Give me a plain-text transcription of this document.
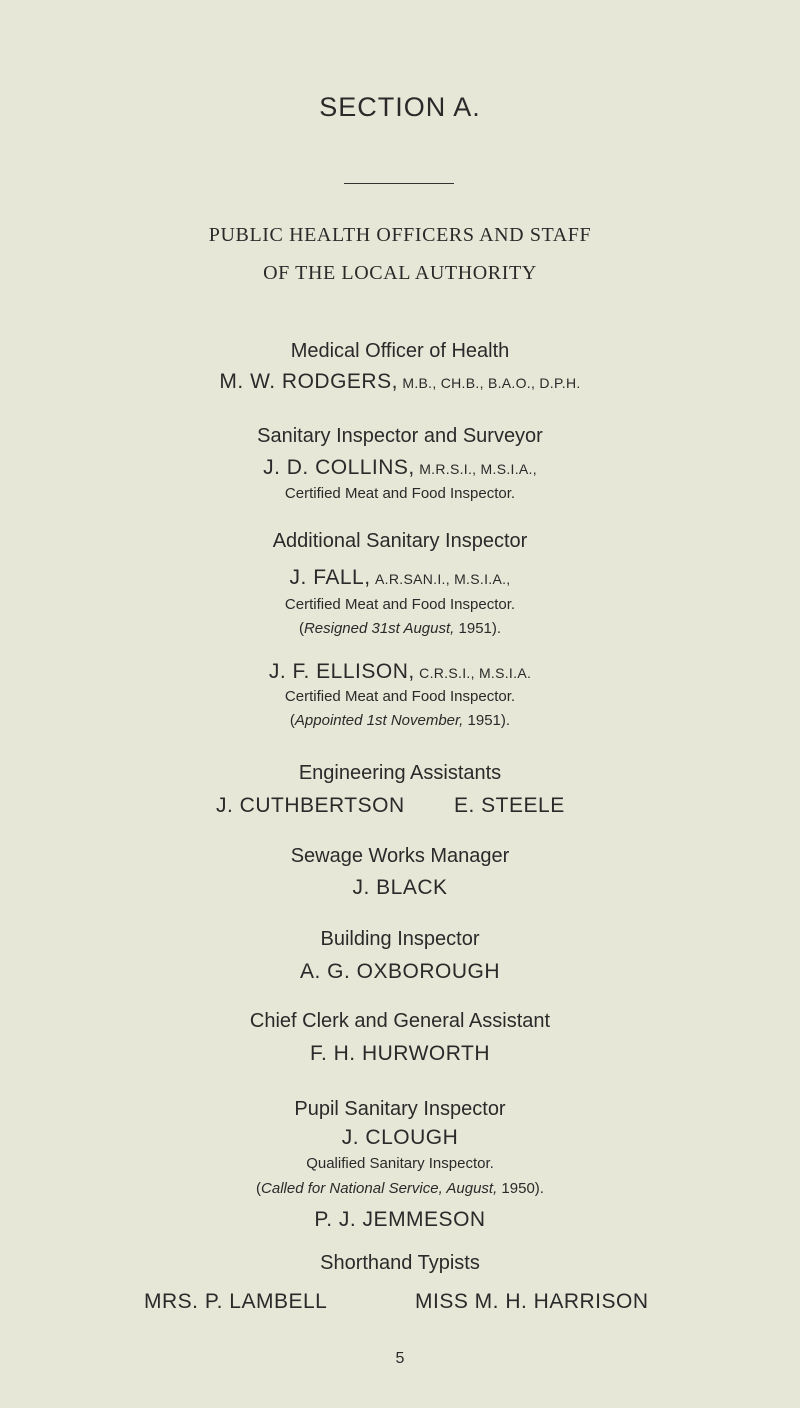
SECTION A.
PUBLIC HEALTH OFFICERS AND STAFF
OF THE LOCAL AUTHORITY
Medical Officer of Health
M. W. RODGERS, M.B., CH.B., B.A.O., D.P.H.
Sanitary Inspector and Surveyor
J. D. COLLINS, M.R.S.I., M.S.I.A.,
Certified Meat and Food Inspector.
Additional Sanitary Inspector
J. FALL, A.R.SAN.I., M.S.I.A.,
Certified Meat and Food Inspector.
(Resigned 31st August, 1951).
J. F. ELLISON, C.R.S.I., M.S.I.A.
Certified Meat and Food Inspector.
(Appointed 1st November, 1951).
Engineering Assistants
J. CUTHBERTSON E. STEELE
Sewage Works Manager
J. BLACK
Building Inspector
A. G. OXBOROUGH
Chief Clerk and General Assistant
F. H. HURWORTH
Pupil Sanitary Inspector
J. CLOUGH
Qualified Sanitary Inspector.
(Called for National Service, August, 1950).
P. J. JEMMESON
Shorthand Typists
MRS. P. LAMBELL	MISS M. H. HARRISON
5
